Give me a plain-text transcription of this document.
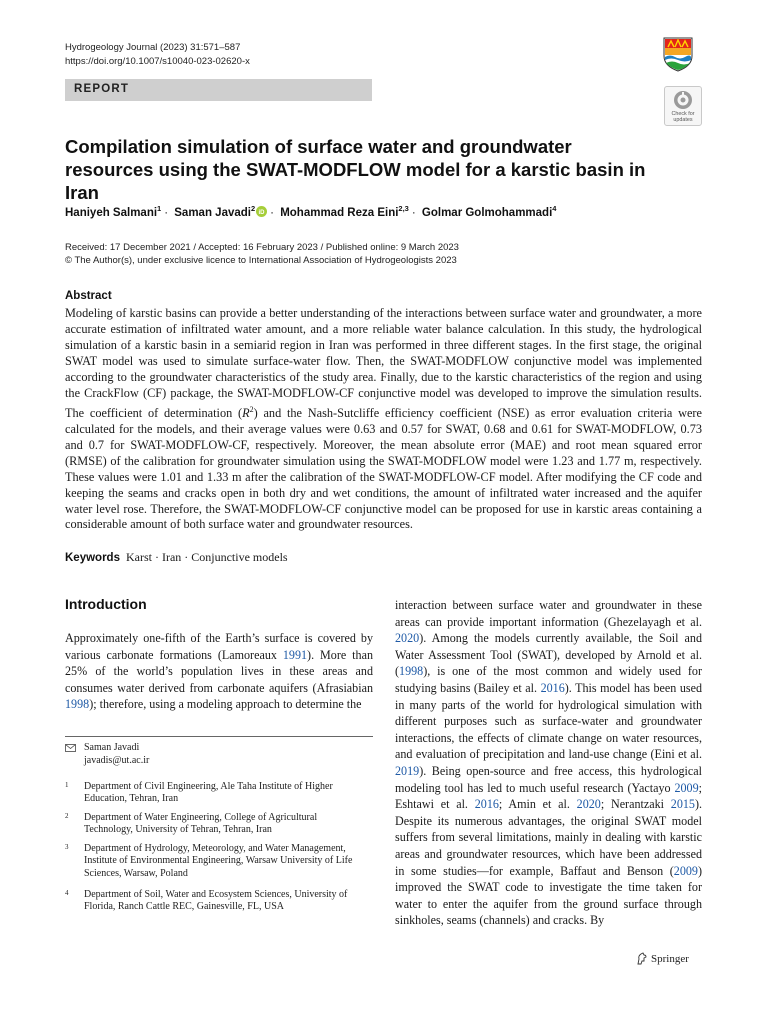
Hydrogeology Journal (2023) 31:571–587
https://doi.org/10.1007/s10040-023-02620-x
REPORT
Check for updates
Compilation simulation of surface water and groundwater resources using the SWAT-MODFLOW model for a karstic basin in Iran
Haniyeh Salmani$^1$ · Saman Javadi$^2$ iD · Mohammad Reza Eini$^{2,3}$ · Golmar Golmohammadi$^4$
Received: 17 December 2021 / Accepted: 16 February 2023 / Published online: 9 March 2023
© The Author(s), under exclusive licence to International Association of Hydrogeologists 2023
Abstract
Modeling of karstic basins can provide a better understanding of the interactions between surface water and groundwater, a more accurate estimation of infiltrated water amount, and a more reliable water balance calculation. In this study, the hydrological simulation of a karstic basin in a semiarid region in Iran was performed in three different stages. In the first stage, the original SWAT model was used to simulate surface-water flow. Then, the SWAT-MODFLOW conjunctive model was implemented according to the groundwater characteristics of the study area. Finally, due to the karstic characteristics of the region and using the CrackFlow (CF) package, the SWAT-MODFLOW-CF conjunctive model was developed to improve the simulation results. The coefficient of determination $(R^2)$ and the Nash-Sutcliffe efficiency coefficient (NSE) as error evaluation criteria were calculated for the models, and their average values were 0.63 and 0.57 for SWAT, 0.68 and 0.61 for SWAT-MODFLOW, 0.73 and 0.7 for SWAT-MODFLOW-CF, respectively. Moreover, the mean absolute error (MAE) and root mean squared error (RMSE) of the calibration for groundwater simulation using the SWAT-MODFLOW model were 1.23 and 1.77 m, respectively. These values were 1.01 and 1.33 m after the calibration of the SWAT-MODFLOW-CF model. After modifying the CF code and keeping the seams and cracks open in both dry and wet conditions, the amount of infiltrated water increased and the aquifer water level rose. Therefore, the SWAT-MODFLOW-CF conjunctive model can be proposed for use in karstic areas containing a considerable amount of both surface water and groundwater resources.
Keywords Karst · Iran · Conjunctive models
Introduction
Approximately one-fifth of the Earth’s surface is covered by various carbonate formations (Lamoreaux 1991). More than 25% of the world’s population lives in these areas and consumes water derived from carbonate aquifers (Afrasiabian 1998); therefore, using a modeling approach to determine the
interaction between surface water and groundwater in these areas can provide important information (Ghezelayagh et al. 2020). Among the models currently available, the Soil and Water Assessment Tool (SWAT), developed by Arnold et al. (1998), is one of the most common and widely used for studying basins (Bailey et al. 2016). This model has been used in many parts of the world for hydrological simulation with different purposes such as surface-water and groundwater interactions, the effects of climate change on water resources, and evaluation of precipitation and land-use change (Eini et al. 2019). Being open-source and free access, this hydrological modeling tool has led to much useful research (Yactayo 2009; Eshtawi et al. 2016; Amin et al. 2020; Nerantzaki 2015). Despite its numerous advantages, the original SWAT model suffers from several limitations, mainly in dealing with karstic areas and groundwater resources, which have been addressed in some studies—for example, Baffaut and Benson (2009) improved the SWAT code to investigate the time taken for water to enter the aquifer from the ground surface through sinkholes, seams (channels) and cracks. By
Saman Javadi
javadis@ut.ac.ir
1 Department of Civil Engineering, Ale Taha Institute of Higher Education, Tehran, Iran
2 Department of Water Engineering, College of Agricultural Technology, University of Tehran, Tehran, Iran
3 Department of Hydrology, Meteorology, and Water Management, Institute of Environmental Engineering, Warsaw University of Life Sciences, Warsaw, Poland
4 Department of Soil, Water and Ecosystem Sciences, University of Florida, Ranch Cattle REC, Gainesville, FL, USA
Springer
